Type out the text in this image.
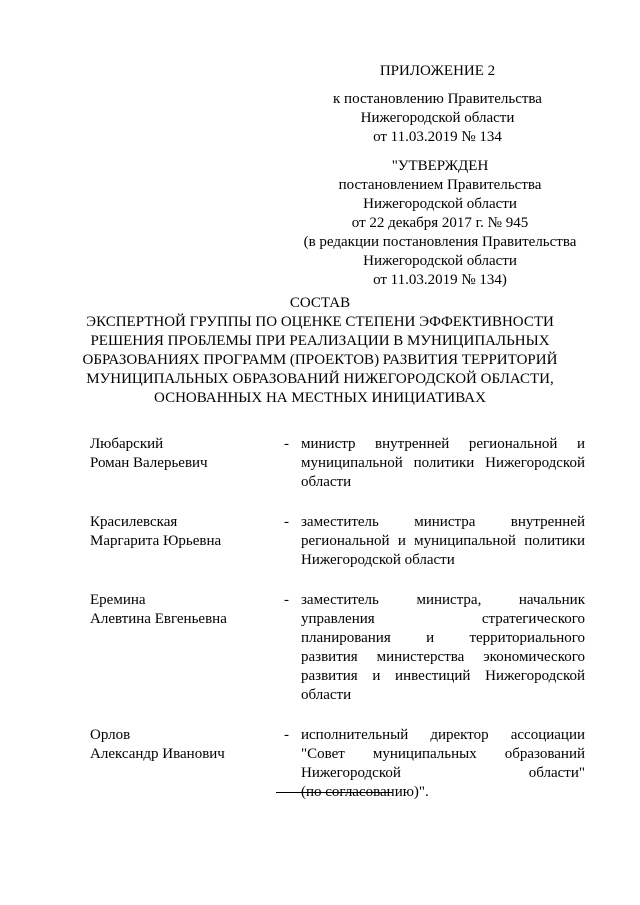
ПРИЛОЖЕНИЕ 2
к постановлению Правительства
Нижегородской области
от 11.03.2019 № 134
"УТВЕРЖДЕН
постановлением Правительства
Нижегородской области
от 22 декабря 2017 г. № 945
(в редакции постановления Правительства
Нижегородской области
от 11.03.2019 № 134)
СОСТАВ
ЭКСПЕРТНОЙ ГРУППЫ ПО ОЦЕНКЕ СТЕПЕНИ ЭФФЕКТИВНОСТИ
РЕШЕНИЯ ПРОБЛЕМЫ ПРИ РЕАЛИЗАЦИИ В МУНИЦИПАЛЬНЫХ
ОБРАЗОВАНИЯХ ПРОГРАММ (ПРОЕКТОВ) РАЗВИТИЯ ТЕРРИТОРИЙ
МУНИЦИПАЛЬНЫХ ОБРАЗОВАНИЙ НИЖЕГОРОДСКОЙ ОБЛАСТИ,
ОСНОВАННЫХ НА МЕСТНЫХ ИНИЦИАТИВАХ
Любарский
Роман Валерьевич
- министр внутренней региональной и
муниципальной политики Нижегородской
области
Красилевская
Маргарита Юрьевна
- заместитель министра внутренней
региональной и муниципальной политики
Нижегородской области
Еремина
Алевтина Евгеньевна
- заместитель министра, начальник
управления стратегического
планирования и территориального
развития министерства экономического
развития и инвестиций Нижегородской
области
Орлов
Александр Иванович
- исполнительный директор ассоциации
"Совет муниципальных образований
Нижегородской области"
(по согласованию)".
